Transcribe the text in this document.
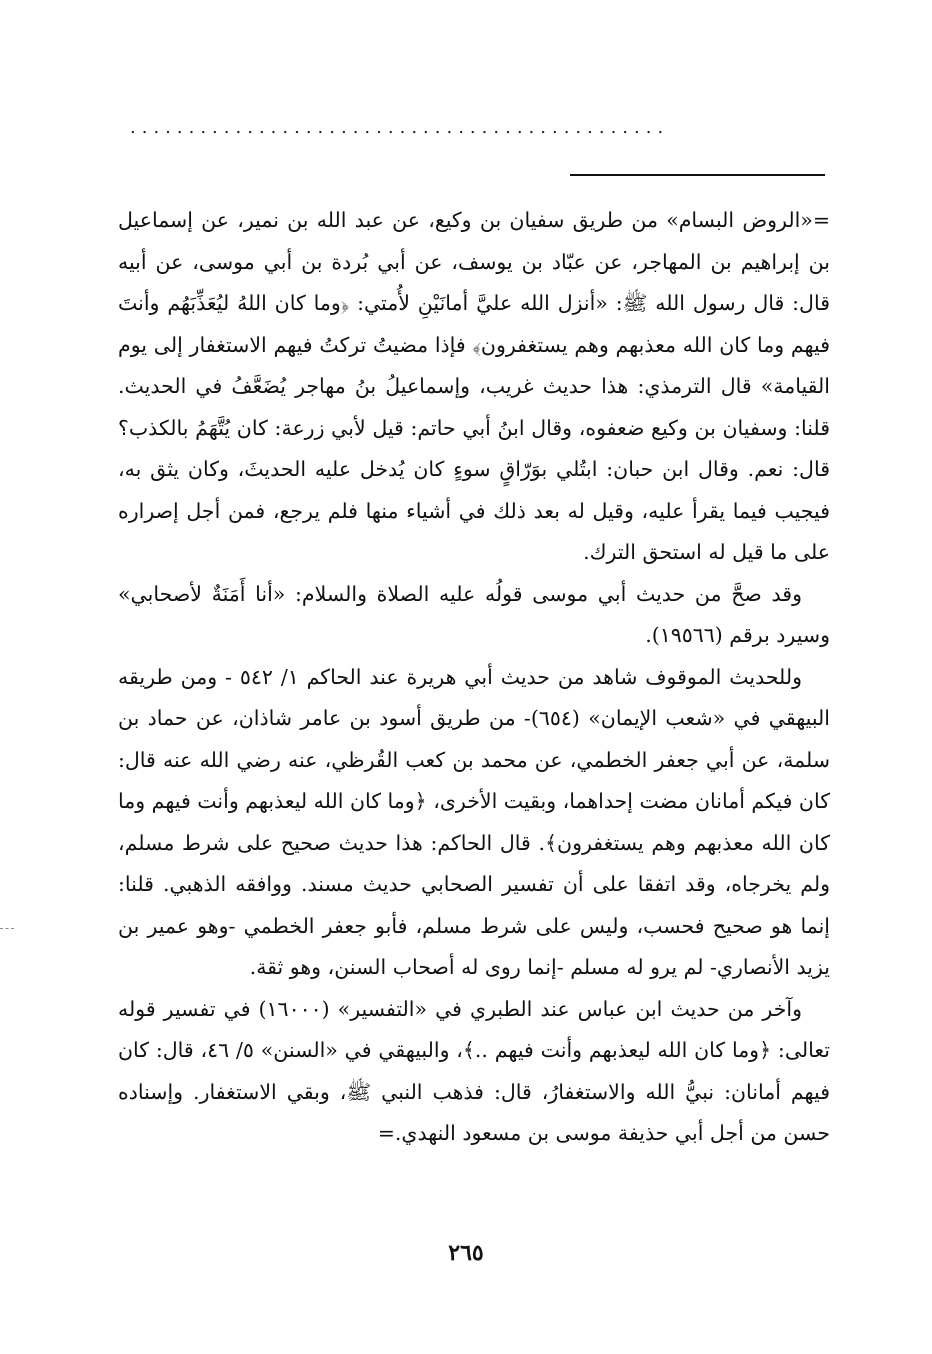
..............................................

=«الروض البسام» من طريق سفيان بن وكيع، عن عبد الله بن نمير، عن إسماعيل بن إبراهيم بن المهاجر، عن عبّاد بن يوسف، عن أبي بُردة بن أبي موسى، عن أبيه قال: قال رسول الله ﷺ: «أنزل الله عليَّ أمانَيْنِ لأُمتي: ﴿وما كان اللهُ ليُعَذِّبَهُم وأنتَ فيهم وما كان الله معذبهم وهم يستغفرون﴾ فإذا مضيتُ تركتُ فيهم الاستغفار إلى يوم القيامة» قال الترمذي: هذا حديث غريب، وإسماعيلُ بنُ مهاجر يُضَعَّفُ في الحديث. قلنا: وسفيان بن وكيع ضعفوه، وقال ابنُ أبي حاتم: قيل لأبي زرعة: كان يُتَّهَمُ بالكذب؟ قال: نعم. وقال ابن حبان: ابتُلي بوَرّاقٍ سوءٍ كان يُدخل عليه الحديثَ، وكان يثق به، فيجيب فيما يقرأ عليه، وقيل له بعد ذلك في أشياء منها فلم يرجع، فمن أجل إصراره على ما قيل له استحق الترك.

وقد صحَّ من حديث أبي موسى قولُه عليه الصلاة والسلام: «أنا أَمَنَةٌ لأصحابي» وسيرد برقم (١٩٥٦٦).

وللحديث الموقوف شاهد من حديث أبي هريرة عند الحاكم ١/ ٥٤٢ - ومن طريقه البيهقي في «شعب الإيمان» (٦٥٤)- من طريق أسود بن عامر شاذان، عن حماد بن سلمة، عن أبي جعفر الخطمي، عن محمد بن كعب القُرظي، عنه رضي الله عنه قال: كان فيكم أمانان مضت إحداهما، وبقيت الأخرى، ﴿وما كان الله ليعذبهم وأنت فيهم وما كان الله معذبهم وهم يستغفرون﴾. قال الحاكم: هذا حديث صحيح على شرط مسلم، ولم يخرجاه، وقد اتفقا على أن تفسير الصحابي حديث مسند. ووافقه الذهبي. قلنا: إنما هو صحيح فحسب، وليس على شرط مسلم، فأبو جعفر الخطمي -وهو عمير بن يزيد الأنصاري- لم يرو له مسلم -إنما روى له أصحاب السنن، وهو ثقة.

وآخر من حديث ابن عباس عند الطبري في «التفسير» (١٦٠٠٠) في تفسير قوله تعالى: ﴿وما كان الله ليعذبهم وأنت فيهم ..﴾، والبيهقي في «السنن» ٥/ ٤٦، قال: كان فيهم أمانان: نبيُّ الله والاستغفارُ، قال: فذهب النبي ﷺ، وبقي الاستغفار. وإسناده حسن من أجل أبي حذيفة موسى بن مسعود النهدي.=

٢٦٥
